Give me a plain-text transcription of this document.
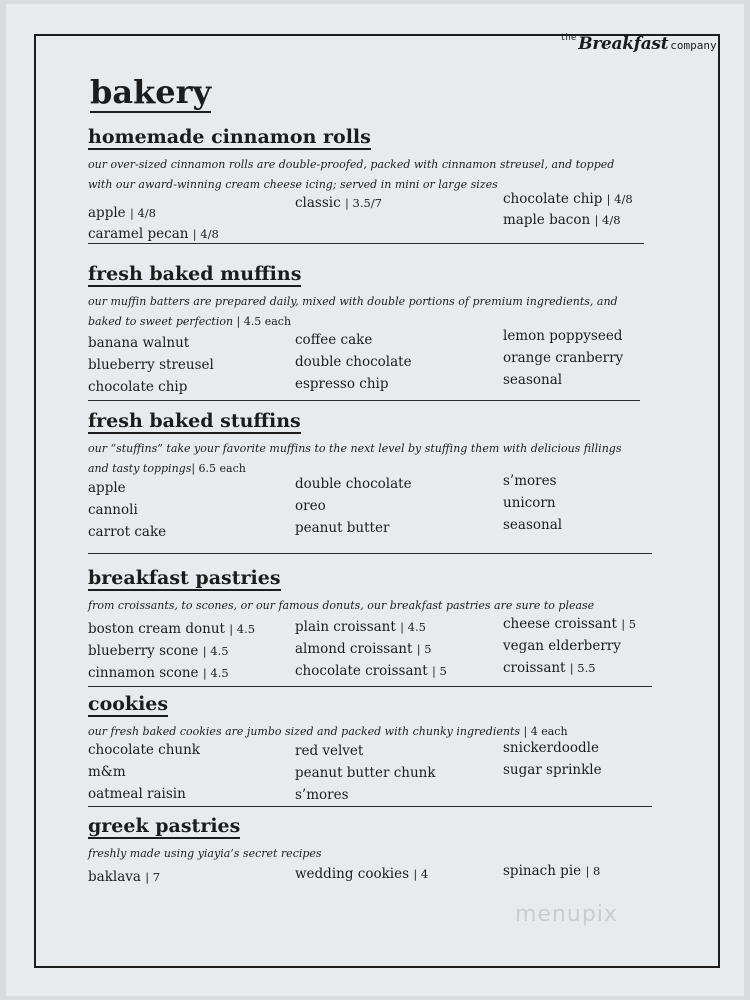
the Breakfast company
bakery
homemade cinnamon rolls

our over-sized cinnamon rolls are double-proofed, packed with cinnamon streusel, and topped with our award-winning cream cheese icing; served in mini or large sizes

apple | 4/8
caramel pecan | 4/8
classic | 3.5/7	chocolate chip | 4/8
maple bacon | 4/8
fresh baked muffins

our muffin batters are prepared daily, mixed with double portions of premium ingredients, and baked to sweet perfection | 4.5 each

banana walnut
blueberry streusel
chocolate chip
coffee cake
double chocolate
espresso chip
lemon poppyseed
orange cranberry
seasonal
fresh baked stuffins

our “stuffins” take your favorite muffins to the next level by stuffing them with delicious fillings and tasty toppings| 6.5 each

apple
cannoli
carrot cake
double chocolate
oreo
peanut butter
s’mores
unicorn
seasonal
breakfast pastries

from croissants, to scones, or our famous donuts, our breakfast pastries are sure to please

boston cream donut | 4.5
blueberry scone | 4.5
cinnamon scone | 4.5
plain croissant | 4.5
almond croissant | 5
chocolate croissant | 5
cheese croissant | 5
vegan elderberry
croissant | 5.5
cookies

our fresh baked cookies are jumbo sized and packed with chunky ingredients | 4 each

chocolate chunk
m&m
oatmeal raisin
red velvet
peanut butter chunk
s’mores
snickerdoodle
sugar sprinkle
greek pastries

freshly made using yiayia’s secret recipes

baklava | 7	wedding cookies | 4	spinach pie | 8
menupix
